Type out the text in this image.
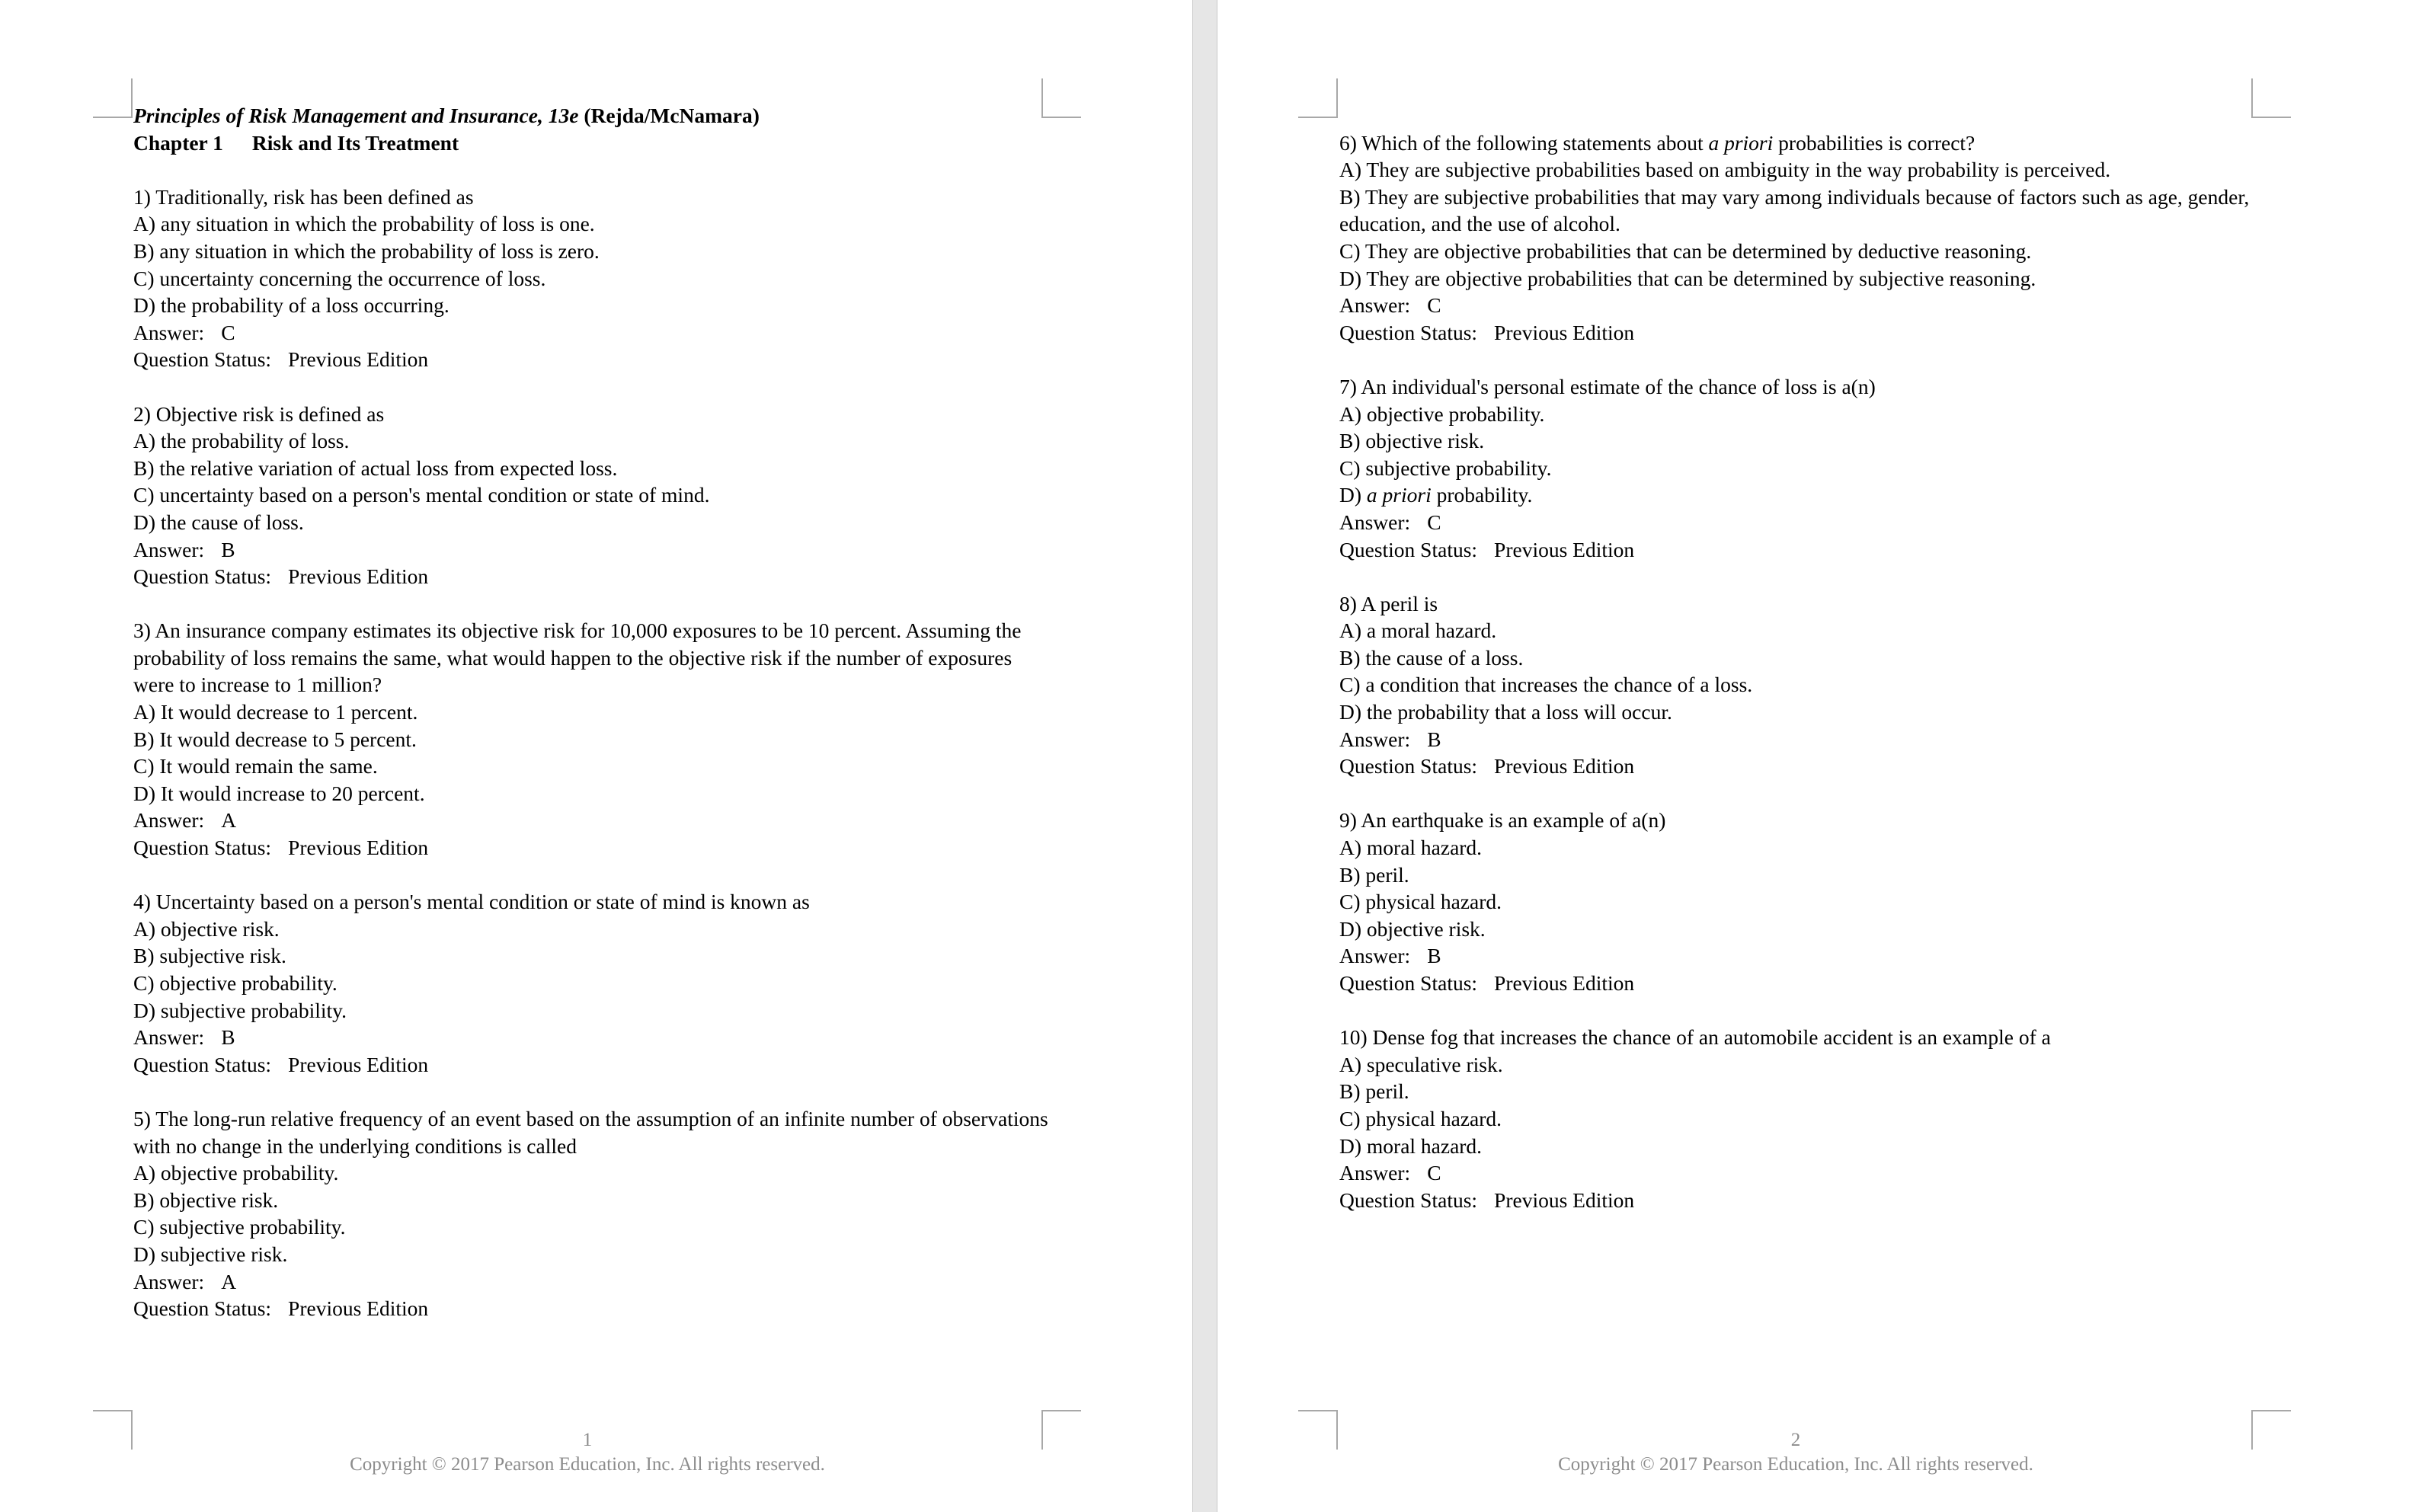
Principles of Risk Management and Insurance, 13e (Rejda/McNamara)
Chapter 1 Risk and Its Treatment
1) Traditionally, risk has been defined as
A) any situation in which the probability of loss is one.
B) any situation in which the probability of loss is zero.
C) uncertainty concerning the occurrence of loss.
D) the probability of a loss occurring.
Answer: C
Question Status: Previous Edition
2) Objective risk is defined as
A) the probability of loss.
B) the relative variation of actual loss from expected loss.
C) uncertainty based on a person's mental condition or state of mind.
D) the cause of loss.
Answer: B
Question Status: Previous Edition
3) An insurance company estimates its objective risk for 10,000 exposures to be 10 percent. Assuming the probability of loss remains the same, what would happen to the objective risk if the number of exposures were to increase to 1 million?
A) It would decrease to 1 percent.
B) It would decrease to 5 percent.
C) It would remain the same.
D) It would increase to 20 percent.
Answer: A
Question Status: Previous Edition
4) Uncertainty based on a person's mental condition or state of mind is known as
A) objective risk.
B) subjective risk.
C) objective probability.
D) subjective probability.
Answer: B
Question Status: Previous Edition
5) The long-run relative frequency of an event based on the assumption of an infinite number of observations with no change in the underlying conditions is called
A) objective probability.
B) objective risk.
C) subjective probability.
D) subjective risk.
Answer: A
Question Status: Previous Edition
1
Copyright © 2017 Pearson Education, Inc. All rights reserved.
6) Which of the following statements about a priori probabilities is correct?
A) They are subjective probabilities based on ambiguity in the way probability is perceived.
B) They are subjective probabilities that may vary among individuals because of factors such as age, gender, education, and the use of alcohol.
C) They are objective probabilities that can be determined by deductive reasoning.
D) They are objective probabilities that can be determined by subjective reasoning.
Answer: C
Question Status: Previous Edition
7) An individual's personal estimate of the chance of loss is a(n)
A) objective probability.
B) objective risk.
C) subjective probability.
D) a priori probability.
Answer: C
Question Status: Previous Edition
8) A peril is
A) a moral hazard.
B) the cause of a loss.
C) a condition that increases the chance of a loss.
D) the probability that a loss will occur.
Answer: B
Question Status: Previous Edition
9) An earthquake is an example of a(n)
A) moral hazard.
B) peril.
C) physical hazard.
D) objective risk.
Answer: B
Question Status: Previous Edition
10) Dense fog that increases the chance of an automobile accident is an example of a
A) speculative risk.
B) peril.
C) physical hazard.
D) moral hazard.
Answer: C
Question Status: Previous Edition
2
Copyright © 2017 Pearson Education, Inc. All rights reserved.
